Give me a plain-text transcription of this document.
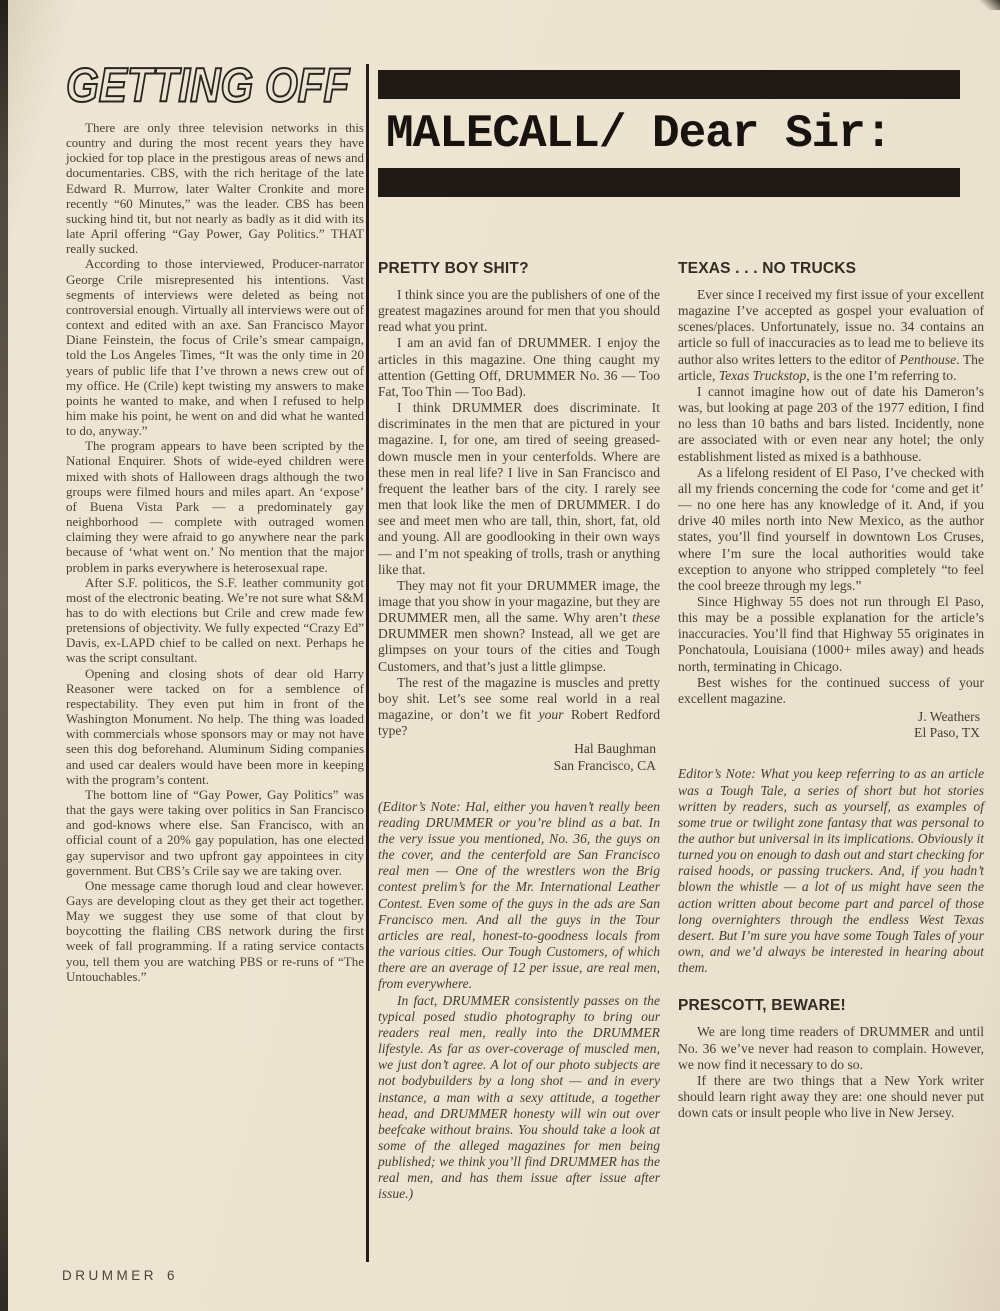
GETTING OFF

There are only three television networks in this country and during the most recent years they have jockied for top place in the prestigous areas of news and documentaries. CBS, with the rich heritage of the late Edward R. Murrow, later Walter Cronkite and more recently “60 Minutes,” was the leader. CBS has been sucking hind tit, but not nearly as badly as it did with its late April offering “Gay Power, Gay Politics.” THAT really sucked.

According to those interviewed, Producer-narrator George Crile misrepresented his intentions. Vast segments of interviews were deleted as being not controversial enough. Virtually all interviews were out of context and edited with an axe. San Francisco Mayor Diane Feinstein, the focus of Crile’s smear campaign, told the Los Angeles Times, “It was the only time in 20 years of public life that I’ve thrown a news crew out of my office. He (Crile) kept twisting my answers to make points he wanted to make, and when I refused to help him make his point, he went on and did what he wanted to do, anyway.”

The program appears to have been scripted by the National Enquirer. Shots of wide-eyed children were mixed with shots of Halloween drags although the two groups were filmed hours and miles apart. An ‘expose’ of Buena Vista Park — a predominately gay neighborhood — complete with outraged women claiming they were afraid to go anywhere near the park because of ‘what went on.’ No mention that the major problem in parks everywhere is heterosexual rape.

After S.F. politicos, the S.F. leather community got most of the electronic beating. We’re not sure what S&M has to do with elections but Crile and crew made few pretensions of objectivity. We fully expected “Crazy Ed” Davis, ex-LAPD chief to be called on next. Perhaps he was the script consultant.

Opening and closing shots of dear old Harry Reasoner were tacked on for a semblence of respectability. They even put him in front of the Washington Monument. No help. The thing was loaded with commercials whose sponsors may or may not have seen this dog beforehand. Aluminum Siding companies and used car dealers would have been more in keeping with the program’s content.

The bottom line of “Gay Power, Gay Politics” was that the gays were taking over politics in San Francisco and god-knows where else. San Francisco, with an official count of a 20% gay population, has one elected gay supervisor and two upfront gay appointees in city government. But CBS’s Crile say we are taking over.

One message came thorugh loud and clear however. Gays are developing clout as they get their act together. May we suggest they use some of that clout by boycotting the flailing CBS network during the first week of fall programming. If a rating service contacts you, tell them you are watching PBS or re-runs of “The Untouchables.”

MALECALL/ Dear Sir:
PRETTY BOY SHIT?

I think since you are the publishers of one of the greatest magazines around for men that you should read what you print.

I am an avid fan of DRUMMER. I enjoy the articles in this magazine. One thing caught my attention (Getting Off, DRUMMER No. 36 — Too Fat, Too Thin — Too Bad).

I think DRUMMER does discriminate. It discriminates in the men that are pictured in your magazine. I, for one, am tired of seeing greased-down muscle men in your centerfolds. Where are these men in real life? I live in San Francisco and frequent the leather bars of the city. I rarely see men that look like the men of DRUMMER. I do see and meet men who are tall, thin, short, fat, old and young. All are goodlooking in their own ways — and I’m not speaking of trolls, trash or anything like that.

They may not fit your DRUMMER image, the image that you show in your magazine, but they are DRUMMER men, all the same. Why aren’t these DRUMMER men shown? Instead, all we get are glimpses on your tours of the cities and Tough Customers, and that’s just a little glimpse.

The rest of the magazine is muscles and pretty boy shit. Let’s see some real world in a real magazine, or don’t we fit your Robert Redford type?

Hal Baughman
San Francisco, CA

(Editor’s Note: Hal, either you haven’t really been reading DRUMMER or you’re blind as a bat. In the very issue you mentioned, No. 36, the guys on the cover, and the centerfold are San Francisco real men — One of the wrestlers won the Brig contest prelim’s for the Mr. International Leather Contest. Even some of the guys in the ads are San Francisco men. And all the guys in the Tour articles are real, honest-to-goodness locals from the various cities. Our Tough Customers, of which there are an average of 12 per issue, are real men, from everywhere.

In fact, DRUMMER consistently passes on the typical posed studio photography to bring our readers real men, really into the DRUMMER lifestyle. As far as over-coverage of muscled men, we just don’t agree. A lot of our photo subjects are not bodybuilders by a long shot — and in every instance, a man with a sexy attitude, a together head, and DRUMMER honesty will win out over beefcake without brains. You should take a look at some of the alleged magazines for men being published; we think you’ll find DRUMMER has the real men, and has them issue after issue after issue.)

TEXAS . . . NO TRUCKS

Ever since I received my first issue of your excellent magazine I’ve accepted as gospel your evaluation of scenes/places. Unfortunately, issue no. 34 contains an article so full of inaccuracies as to lead me to believe its author also writes letters to the editor of Penthouse. The article, Texas Truckstop, is the one I’m referring to.

I cannot imagine how out of date his Dameron’s was, but looking at page 203 of the 1977 edition, I find no less than 10 baths and bars listed. Incidently, none are associated with or even near any hotel; the only establishment listed as mixed is a bathhouse.

As a lifelong resident of El Paso, I’ve checked with all my friends concerning the code for ‘come and get it’ — no one here has any knowledge of it. And, if you drive 40 miles north into New Mexico, as the author states, you’ll find yourself in downtown Los Cruses, where I’m sure the local authorities would take exception to anyone who stripped completely “to feel the cool breeze through my legs.”

Since Highway 55 does not run through El Paso, this may be a possible explanation for the article’s inaccuracies. You’ll find that Highway 55 originates in Ponchatoula, Louisiana (1000+ miles away) and heads north, terminating in Chicago.

Best wishes for the continued success of your excellent magazine.

J. Weathers
El Paso, TX

Editor’s Note: What you keep referring to as an article was a Tough Tale, a series of short but hot stories written by readers, such as yourself, as examples of some true or twilight zone fantasy that was personal to the author but universal in its implications. Obviously it turned you on enough to dash out and start checking for raised hoods, or passing truckers. And, if you hadn’t blown the whistle — a lot of us might have seen the action written about become part and parcel of those long overnighters through the endless West Texas desert. But I’m sure you have some Tough Tales of your own, and we’d always be interested in hearing about them.

PRESCOTT, BEWARE!

We are long time readers of DRUMMER and until No. 36 we’ve never had reason to complain. However, we now find it necessary to do so.

If there are two things that a New York writer should learn right away they are: one should never put down cats or insult people who live in New Jersey.

DRUMMER 6
